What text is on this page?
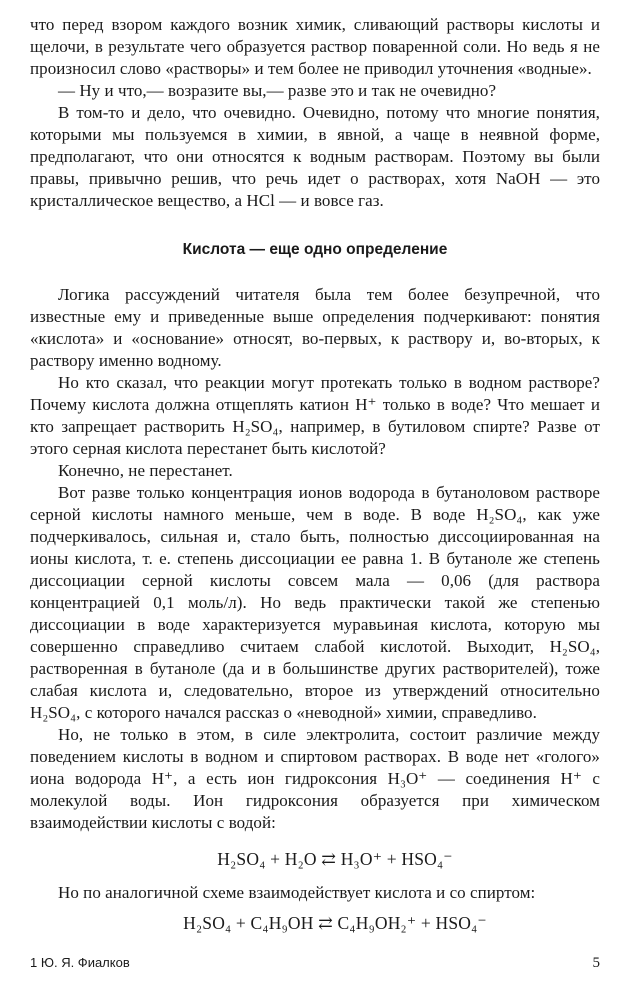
что перед взором каждого возник химик, сливающий растворы кислоты и щелочи, в результате чего образуется раствор поваренной соли. Но ведь я не произносил слово «растворы» и тем более не приводил уточнения «водные».

— Ну и что,— возразите вы,— разве это и так не очевидно?

В том-то и дело, что очевидно. Очевидно, потому что многие понятия, которыми мы пользуемся в химии, в явной, а чаще в неявной форме, предполагают, что они относятся к водным растворам. Поэтому вы были правы, привычно решив, что речь идет о растворах, хотя NaOH — это кристаллическое вещество, а HCl — и вовсе газ.

Кислота — еще одно определение

Логика рассуждений читателя была тем более безупречной, что известные ему и приведенные выше определения подчеркивают: понятия «кислота» и «основание» относят, во-первых, к раствору и, во-вторых, к раствору именно водному.

Но кто сказал, что реакции могут протекать только в водном растворе? Почему кислота должна отщеплять катион H⁺ только в воде? Что мешает и кто запрещает растворить H₂SO₄, например, в бутиловом спирте? Разве от этого серная кислота перестанет быть кислотой?

Конечно, не перестанет.

Вот разве только концентрация ионов водорода в бутаноловом растворе серной кислоты намного меньше, чем в воде. В воде H₂SO₄, как уже подчеркивалось, сильная и, стало быть, полностью диссоциированная на ионы кислота, т. е. степень диссоциации ее равна 1. В бутаноле же степень диссоциации серной кислоты совсем мала — 0,06 (для раствора концентрацией 0,1 моль/л). Но ведь практически такой же степенью диссоциации в воде характеризуется муравьиная кислота, которую мы совершенно справедливо считаем слабой кислотой. Выходит, H₂SO₄, растворенная в бутаноле (да и в большинстве других растворителей), тоже слабая кислота и, следовательно, второе из утверждений относительно H₂SO₄, с которого начался рассказ о «неводной» химии, справедливо.

Но, не только в этом, в силе электролита, состоит различие между поведением кислоты в водном и спиртовом растворах. В воде нет «голого» иона водорода H⁺, а есть ион гидроксония H₃O⁺ — соединения H⁺ с молекулой воды. Ион гидроксония образуется при химическом взаимодействии кислоты с водой:

H₂SO₄ + H₂O ⇄ H₃O⁺ + HSO₄⁻

Но по аналогичной схеме взаимодействует кислота и со спиртом:

H₂SO₄ + C₄H₉OH ⇄ C₄H₉OH₂⁺ + HSO₄⁻
1 Ю. Я. Фиалков	5
